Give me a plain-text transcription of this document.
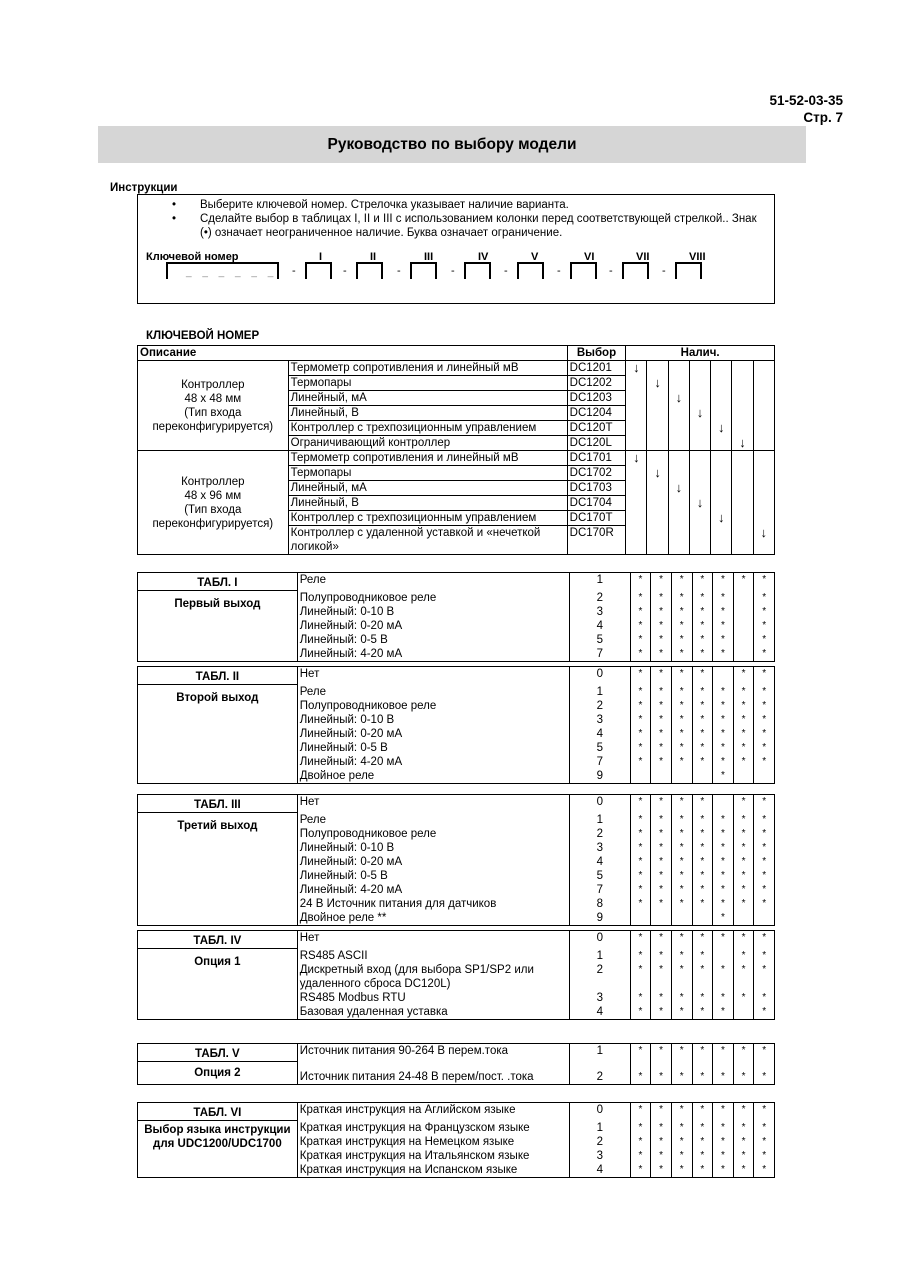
51-52-03-35
Стр. 7
Руководство по выбору модели
Инструкции
• Выберите ключевой номер. Стрелочка указывает наличие варианта.
• Сделайте выбор в таблицах I, II и III с использованием колонки перед соответствующей стрелкой.. Знак (•) означает неограниченное наличие. Буква означает ограничение.
Ключевой номер	I	II	III	IV	V	VI	VII	VIII
_ _ _ _ _ _ -	-	-	-	-	-	-	-
КЛЮЧЕВОЙ НОМЕР
Описание		Выбор	Налич.						
Контроллер
48 x 48 мм
(Тип входа
переконфигурируется)	Термометр сопротивления и линейный мВ	DC1201	↓						
	Термопары	DC1202		↓					
	Линейный, мА	DC1203			↓				
	Линейный, В	DC1204				↓			
	Контроллер с трехпозиционным управлением	DC120T					↓		
	Ограничивающий контроллер	DC120L						↓	
Контроллер
48 x 96 мм
(Тип входа
переконфигурируется)	Термометр сопротивления и линейный мВ	DC1701	↓						
	Термопары	DC1702		↓					
	Линейный, мА	DC1703			↓				
	Линейный, В	DC1704				↓			
	Контроллер с трехпозиционным управлением	DC170T					↓		
	Контроллер с удаленной уставкой и «нечеткой логикой»	DC170R							↓
ТАБЛ. I	Реле	1	*	*	*	*	*	*	*
Первый выход	Полупроводниковое реле	2	*	*	*	*	*		*
	Линейный: 0-10 В	3	*	*	*	*	*		*
	Линейный: 0-20 мА	4	*	*	*	*	*		*
	Линейный: 0-5 В	5	*	*	*	*	*		*
	Линейный: 4-20 мА	7	*	*	*	*	*		*
ТАБЛ. II	Нет	0	*	*	*	*		*	*
Второй выход	Реле	1	*	*	*	*	*	*	*
	Полупроводниковое реле	2	*	*	*	*	*	*	*
	Линейный: 0-10 В	3	*	*	*	*	*	*	*
	Линейный: 0-20 мА	4	*	*	*	*	*	*	*
	Линейный: 0-5 В	5	*	*	*	*	*	*	*
	Линейный: 4-20 мА	7	*	*	*	*	*	*	*
	Двойное реле	9					*		
ТАБЛ. III	Нет	0	*	*	*	*		*	*
Третий выход	Реле	1	*	*	*	*	*	*	*
	Полупроводниковое реле	2	*	*	*	*	*	*	*
	Линейный: 0-10 В	3	*	*	*	*	*	*	*
	Линейный: 0-20 мА	4	*	*	*	*	*	*	*
	Линейный: 0-5 В	5	*	*	*	*	*	*	*
	Линейный: 4-20 мА	7	*	*	*	*	*	*	*
	24 В Источник питания для датчиков	8	*	*	*	*	*	*	*
	Двойное реле **	9					*		
ТАБЛ. IV	Нет	0	*	*	*	*	*	*	*
Опция 1	RS485 ASCII	1	*	*	*	*		*	*
	Дискретный вход (для выбора SP1/SP2 или удаленного сброса DC120L)	2	*	*	*	*	*	*	*
	RS485 Modbus RTU	3	*	*	*	*	*	*	*
	Базовая удаленная уставка	4	*	*	*	*	*		*
ТАБЛ. V	Источник питания 90-264 В перем.тока	1	*	*	*	*	*	*	*
Опция 2	Источник питания 24-48 В перем/пост. .тока	2	*	*	*	*	*	*	*
ТАБЛ. VI	Краткая инструкция на Аглийском языке	0	*	*	*	*	*	*	*
Выбор языка инструкции для UDC1200/UDC1700	Краткая инструкция на Французском языке	1	*	*	*	*	*	*	*
	Краткая инструкция на Немецком языке	2	*	*	*	*	*	*	*
	Краткая инструкция на Итальянском языке	3	*	*	*	*	*	*	*
	Краткая инструкция на Испанском языке	4	*	*	*	*	*	*	*
